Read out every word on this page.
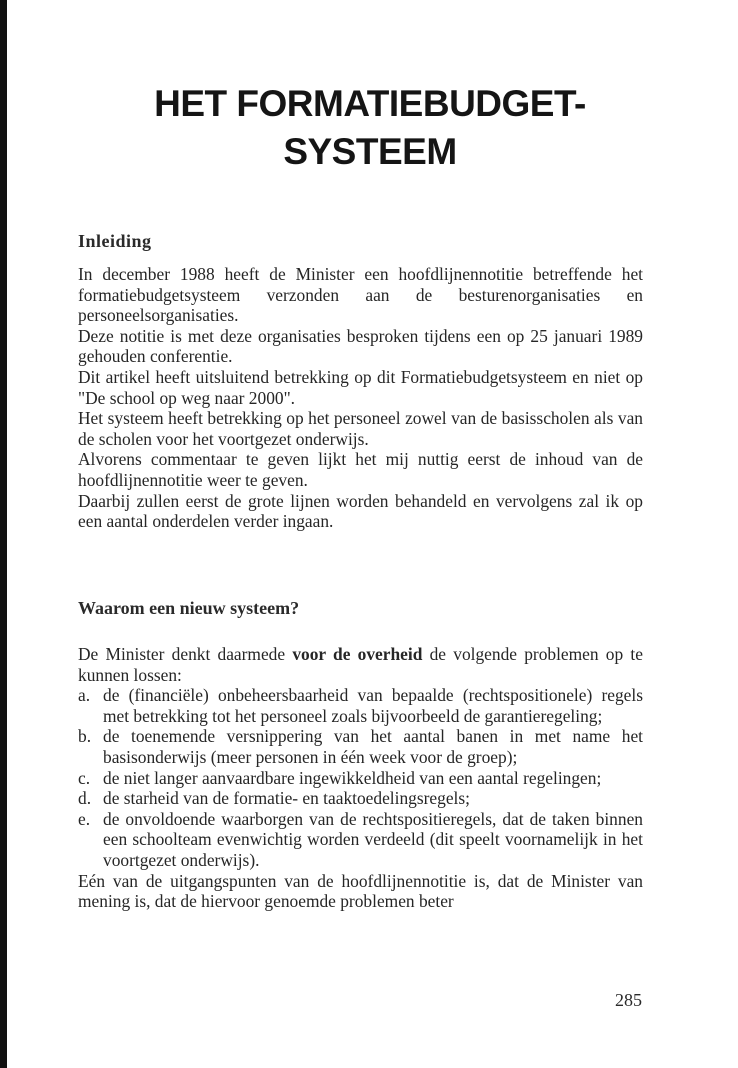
HET FORMATIEBUDGET-
SYSTEEM
Inleiding

In december 1988 heeft de Minister een hoofdlijnennotitie betreffende het formatiebudgetsysteem verzonden aan de besturenorganisaties en personeelsorganisaties.

Deze notitie is met deze organisaties besproken tijdens een op 25 januari 1989 gehouden conferentie.

Dit artikel heeft uitsluitend betrekking op dit Formatiebudgetsysteem en niet op "De school op weg naar 2000".

Het systeem heeft betrekking op het personeel zowel van de basisscholen als van de scholen voor het voortgezet onderwijs.

Alvorens commentaar te geven lijkt het mij nuttig eerst de inhoud van de hoofdlijnennotitie weer te geven.

Daarbij zullen eerst de grote lijnen worden behandeld en vervolgens zal ik op een aantal onderdelen verder ingaan.

Waarom een nieuw systeem?

De Minister denkt daarmede voor de overheid de volgende problemen op te kunnen lossen:

a. de (financiële) onbeheersbaarheid van bepaalde (rechtspositionele) regels met betrekking tot het personeel zoals bijvoorbeeld de garantieregeling;
b. de toenemende versnippering van het aantal banen in met name het basisonderwijs (meer personen in één week voor de groep);
c. de niet langer aanvaardbare ingewikkeldheid van een aantal regelingen;
d. de starheid van de formatie- en taaktoedelingsregels;
e. de onvoldoende waarborgen van de rechtspositieregels, dat de taken binnen een schoolteam evenwichtig worden verdeeld (dit speelt voornamelijk in het voortgezet onderwijs).

Eén van de uitgangspunten van de hoofdlijnennotitie is, dat de Minister van mening is, dat de hiervoor genoemde problemen beter

285
